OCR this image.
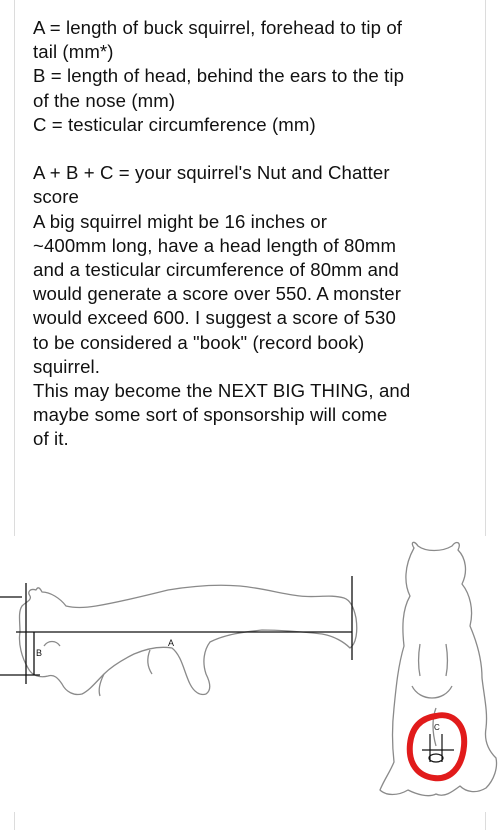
A = length of buck squirrel, forehead to tip of
tail (mm*)
B = length of head, behind the ears to the tip
of the nose (mm)
C = testicular circumference (mm)
A + B + C = your squirrel's Nut and Chatter
score
A big squirrel might be 16 inches or
~400mm long, have a head length of 80mm
and a testicular circumference of 80mm and
would generate a score over 550. A monster
would exceed 600. I suggest a score of 530
to be considered a "book" (record book)
squirrel.
This may become the NEXT BIG THING, and
maybe some sort of sponsorship will come
of it.
A
B
C
